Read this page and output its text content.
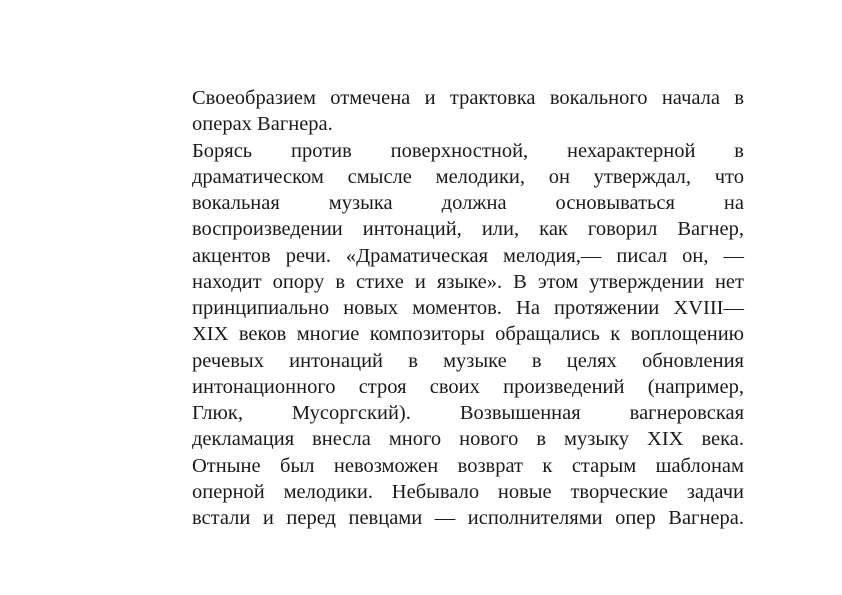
Своеобразием отмечена и трактовка вокального начала в
операх Вагнера.
Борясь против поверхностной, нехарактерной в
драматическом смысле мелодики, он утверждал, что
вокальная музыка должна основываться на
воспроизведении интонаций, или, как говорил Вагнер,
акцентов речи. «Драматическая мелодия,— писал он, —
находит опору в стихе и языке». В этом утверждении нет
принципиально новых моментов. На протяжении XVIII—
XIX веков многие композиторы обращались к воплощению
речевых интонаций в музыке в целях обновления
интонационного строя своих произведений (например,
Глюк, Мусоргский). Возвышенная вагнеровская
декламация внесла много нового в музыку XIX века.
Отныне был невозможен возврат к старым шаблонам
оперной мелодики. Небывало новые творческие задачи
встали и перед певцами — исполнителями опер Вагнера.
